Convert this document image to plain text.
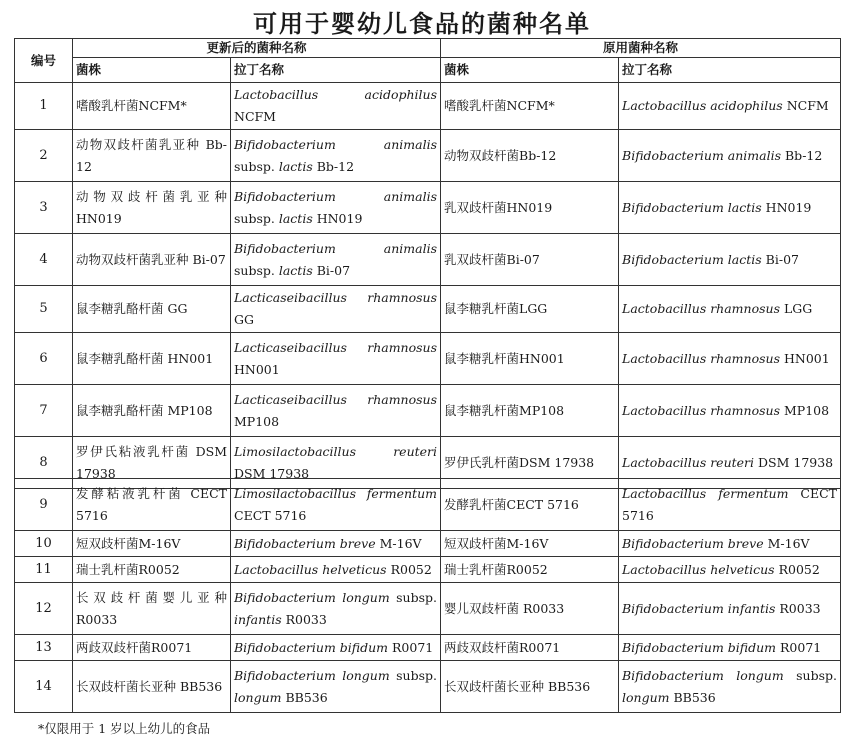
可用于婴幼儿食品的菌种名单
编号	更新后的菌种名称		原用菌种名称	
	菌株	拉丁名称	菌株	拉丁名称
1	嗜酸乳杆菌NCFM*	Lactobacillus acidophilus NCFM	嗜酸乳杆菌NCFM*	Lactobacillus acidophilus NCFM
2	动物双歧杆菌乳亚种 Bb-12	Bifidobacterium animalis subsp. lactis Bb-12	动物双歧杆菌Bb-12	Bifidobacterium animalis Bb-12
3	动物双歧杆菌乳亚种 HN019	Bifidobacterium animalis subsp. lactis HN019	乳双歧杆菌HN019	Bifidobacterium lactis HN019
4	动物双歧杆菌乳亚种 Bi-07	Bifidobacterium animalis subsp. lactis Bi-07	乳双歧杆菌Bi-07	Bifidobacterium lactis Bi-07
5	鼠李糖乳酪杆菌 GG	Lacticaseibacillus rhamnosus GG	鼠李糖乳杆菌LGG	Lactobacillus rhamnosus LGG
6	鼠李糖乳酪杆菌 HN001	Lacticaseibacillus rhamnosus HN001	鼠李糖乳杆菌HN001	Lactobacillus rhamnosus HN001
7	鼠李糖乳酪杆菌 MP108	Lacticaseibacillus rhamnosus MP108	鼠李糖乳杆菌MP108	Lactobacillus rhamnosus MP108
8	罗伊氏粘液乳杆菌 DSM 17938	Limosilactobacillus reuteri DSM 17938	罗伊氏乳杆菌DSM 17938	Lactobacillus reuteri DSM 17938
9	发酵粘液乳杆菌 CECT 5716	Limosilactobacillus fermentum CECT 5716	发酵乳杆菌CECT 5716	Lactobacillus fermentum CECT 5716
10	短双歧杆菌M-16V	Bifidobacterium breve M-16V	短双歧杆菌M-16V	Bifidobacterium breve M-16V
11	瑞士乳杆菌R0052	Lactobacillus helveticus R0052	瑞士乳杆菌R0052	Lactobacillus helveticus R0052
12	长双歧杆菌婴儿亚种 R0033	Bifidobacterium longum subsp. infantis R0033	婴儿双歧杆菌 R0033	Bifidobacterium infantis R0033
13	两歧双歧杆菌R0071	Bifidobacterium bifidum R0071	两歧双歧杆菌R0071	Bifidobacterium bifidum R0071
14	长双歧杆菌长亚种 BB536	Bifidobacterium longum subsp. longum BB536	长双歧杆菌长亚种 BB536	Bifidobacterium longum subsp. longum BB536
*仅限用于 1 岁以上幼儿的食品
